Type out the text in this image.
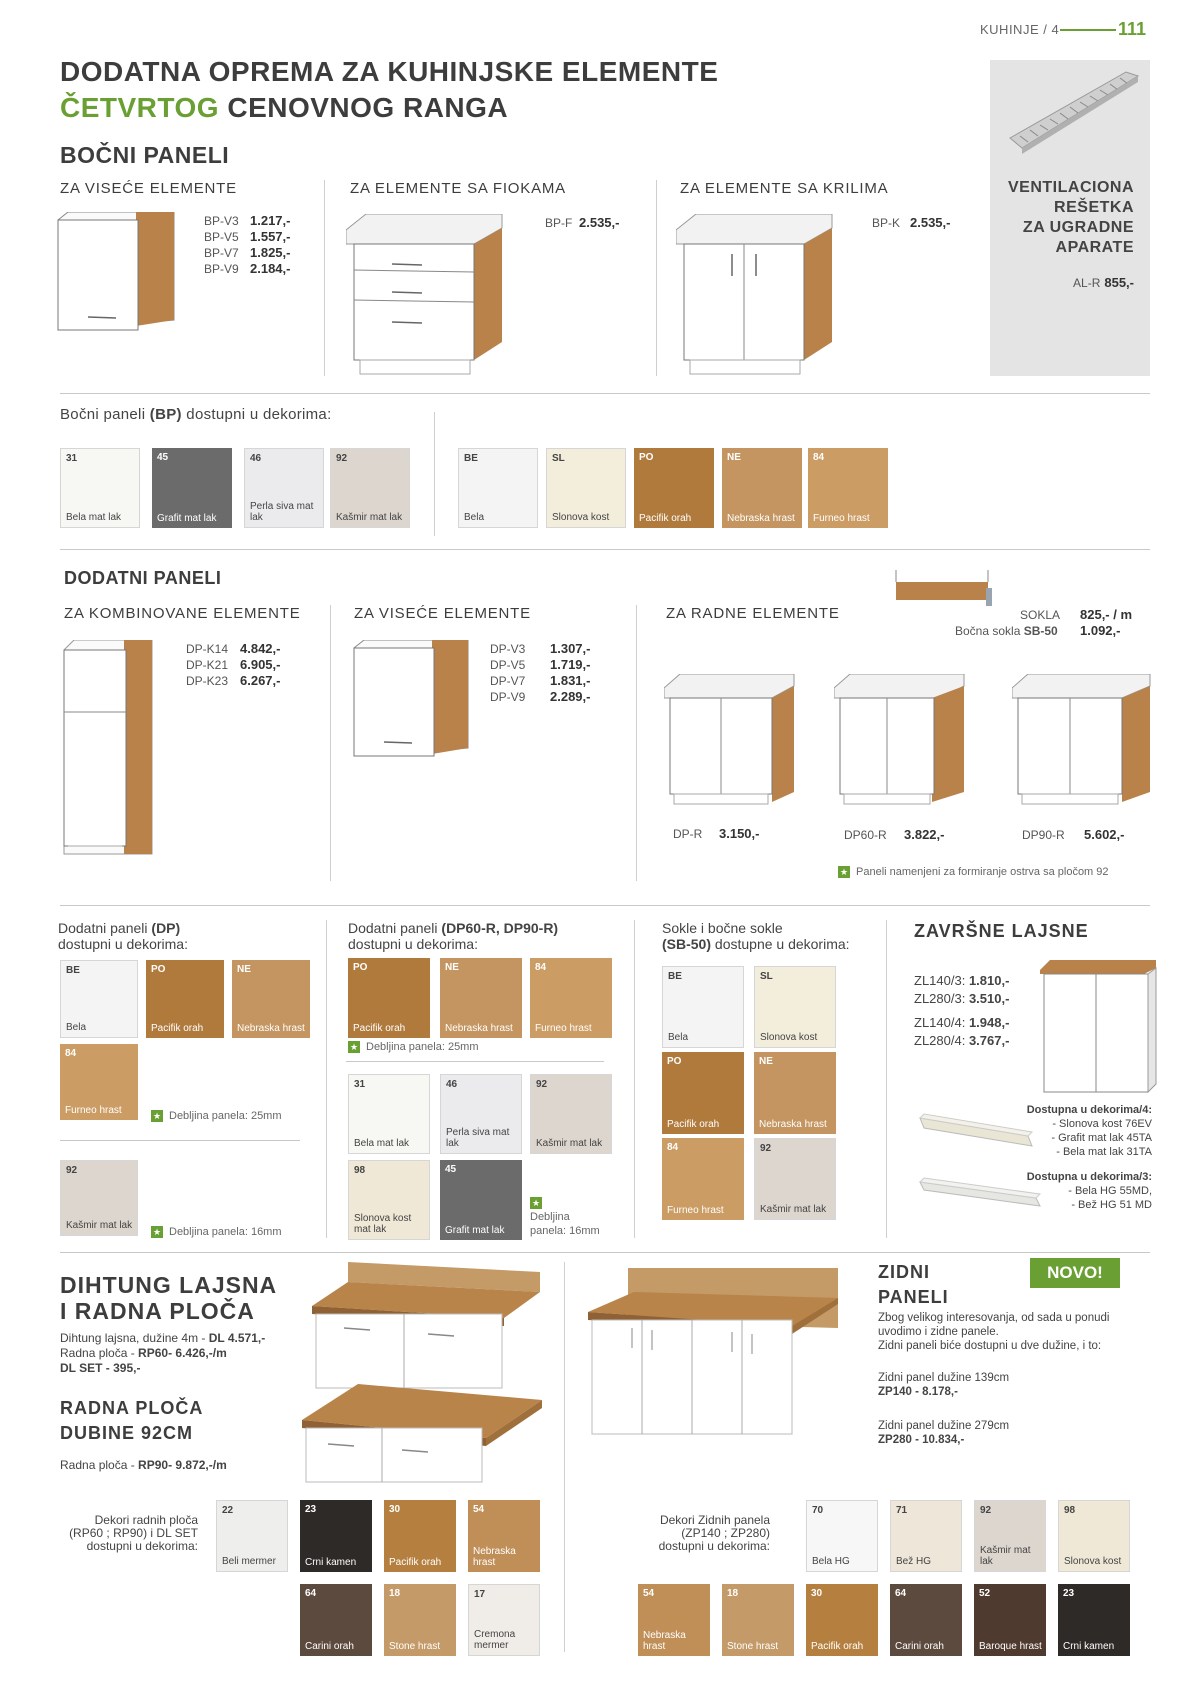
KUHINJE / 4	111
DODATNA OPREMA ZA KUHINJSKE ELEMENTE
ČETVRTOG CENOVNOG RANGA
BOČNI PANELI
ZA VISEĆE ELEMENTE
BP-V3 1.217,-
BP-V5 1.557,-
BP-V7 1.825,-
BP-V9 2.184,-
ZA ELEMENTE SA FIOKAMA
BP-F 2.535,-
ZA ELEMENTE SA KRILIMA
BP-K 2.535,-
VENTILACIONA
REŠETKA
ZA UGRADNE
APARATE
AL-R 855,-
Bočni paneli (BP) dostupni u dekorima:
31
Bela mat lak
45
Grafit mat lak
46
Perla siva mat lak
92
Kašmir mat lak
BE
Bela
SL
Slonova kost
PO
Pacifik orah
NE
Nebraska hrast
84
Furneo hrast
DODATNI PANELI
ZA KOMBINOVANE ELEMENTE
DP-K14 4.842,-
DP-K21 6.905,-
DP-K23 6.267,-
ZA VISEĆE ELEMENTE
DP-V3 1.307,-
DP-V5 1.719,-
DP-V7 1.831,-
DP-V9 2.289,-
ZA RADNE ELEMENTE	SOKLA 825,- / m
Bočna sokla SB-50 1.092,-
DP-R 3.150,-	DP60-R 3.822,-	DP90-R 5.602,-
★ Paneli namenjeni za formiranje ostrva sa pločom 92
Dodatni paneli (DP)
dostupni u dekorima:
BE
Bela
PO
Pacifik orah
NE
Nebraska hrast
84
Furneo hrast
92
Kašmir mat lak
★ Debljina panela: 25mm
★ Debljina panela: 16mm
Dodatni paneli (DP60-R, DP90-R)
dostupni u dekorima:
PO
Pacifik orah
NE
Nebraska hrast
84
Furneo hrast
31
Bela mat lak
46
Perla siva mat lak
92
Kašmir mat lak
98
Slonova kost mat lak
45
Grafit mat lak
★ Debljina panela: 25mm
★
Debljina
panela: 16mm
Sokle i bočne sokle
(SB-50) dostupne u dekorima:
BE
Bela
SL
Slonova kost
PO
Pacifik orah
NE
Nebraska hrast
84
Furneo hrast
92
Kašmir mat lak
ZAVRŠNE LAJSNE
ZL140/3: 1.810,-
ZL280/3: 3.510,-
ZL140/4: 1.948,-
ZL280/4: 3.767,-
Dostupna u dekorima/4:
- Slonova kost 76EV
- Grafit mat lak 45TA
- Bela mat lak 31TA
Dostupna u dekorima/3:
- Bela HG 55MD,
- Bež HG 51 MD
DIHTUNG LAJSNA
I RADNA PLOČA
Dihtung lajsna, dužine 4m - DL 4.571,-
Radna ploča - RP60- 6.426,-/m
DL SET - 395,-
RADNA PLOČA
DUBINE 92CM
Radna ploča - RP90- 9.872,-/m
Dekori radnih ploča
(RP60 ; RP90) i DL SET
dostupni u dekorima:
22
Beli mermer
23
Crni kamen
30
Pacifik orah
54
Nebraska hrast
64
Carini orah
18
Stone hrast
17
Cremona mermer
ZIDNI
PANELI
NOVO!
Zbog velikog interesovanja, od sada u ponudi
uvodimo i zidne panele.
Zidni paneli biće dostupni u dve dužine, i to:
Zidni panel dužine 139cm
ZP140 - 8.178,-
Zidni panel dužine 279cm
ZP280 - 10.834,-
Dekori Zidnih panela
(ZP140 ; ZP280)
dostupni u dekorima:
70
Bela HG
71
Bež HG
92
Kašmir mat lak
98
Slonova kost
54
Nebraska hrast
18
Stone hrast
30
Pacifik orah
64
Carini orah
52
Baroque hrast
23
Crni kamen
